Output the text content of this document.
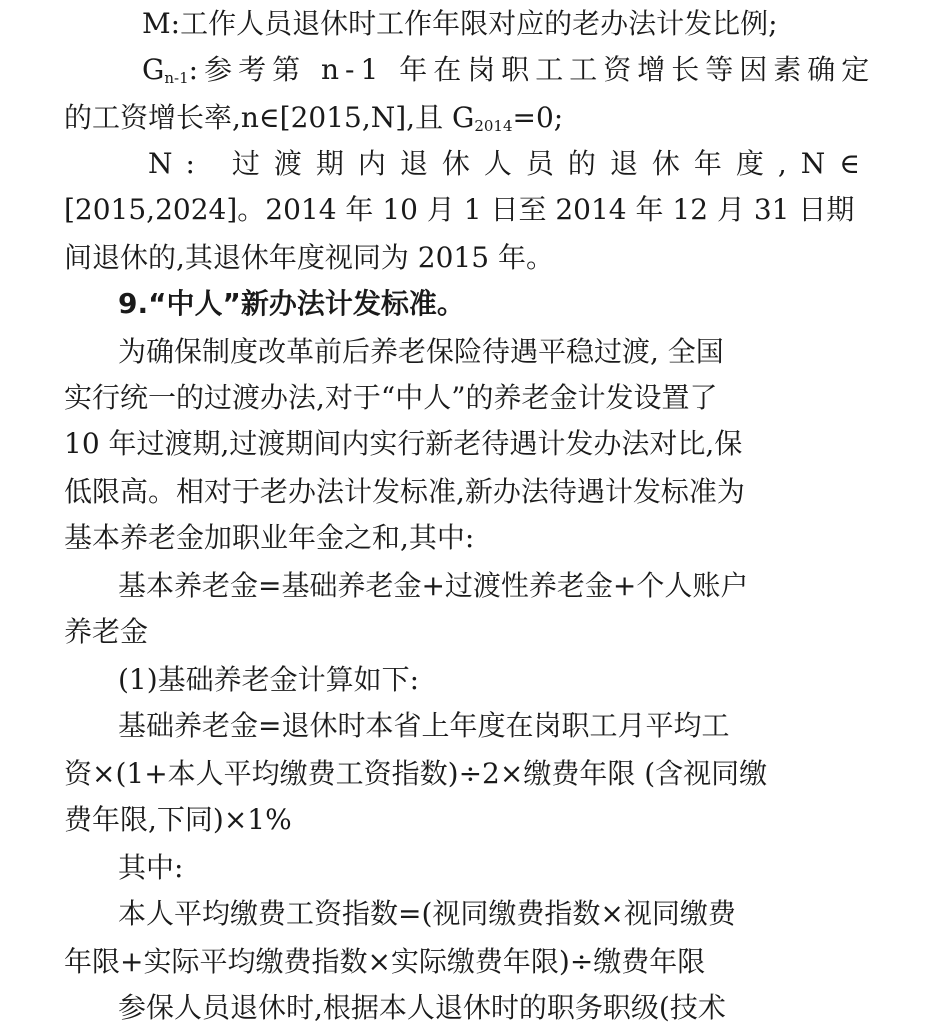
M:工作人员退休时工作年限对应的老办法计发比例;
$G_{n-1}$:参考第 n-1 年在岗职工工资增长等因素确定
的工资增长率,n∈[2015,N],且 $G_{2014}=0$;
N: 过渡期内退休人员的退休年度,N∈
[2015,2024]。2014 年 10 月 1 日至 2014 年 12 月 31 日期
间退休的,其退休年度视同为 2015 年。
9.“中人”新办法计发标准。
为确保制度改革前后养老保险待遇平稳过渡, 全国
实行统一的过渡办法,对于“中人”的养老金计发设置了
10 年过渡期,过渡期间内实行新老待遇计发办法对比,保
低限高。相对于老办法计发标准,新办法待遇计发标准为
基本养老金加职业年金之和,其中:
基本养老金=基础养老金+过渡性养老金+个人账户
养老金
(1)基础养老金计算如下:
基础养老金=退休时本省上年度在岗职工月平均工
资×(1+本人平均缴费工资指数)÷2×缴费年限 (含视同缴
费年限,下同)×1%
其中:
本人平均缴费工资指数=(视同缴费指数×视同缴费
年限+实际平均缴费指数×实际缴费年限)÷缴费年限
参保人员退休时,根据本人退休时的职务职级(技术
